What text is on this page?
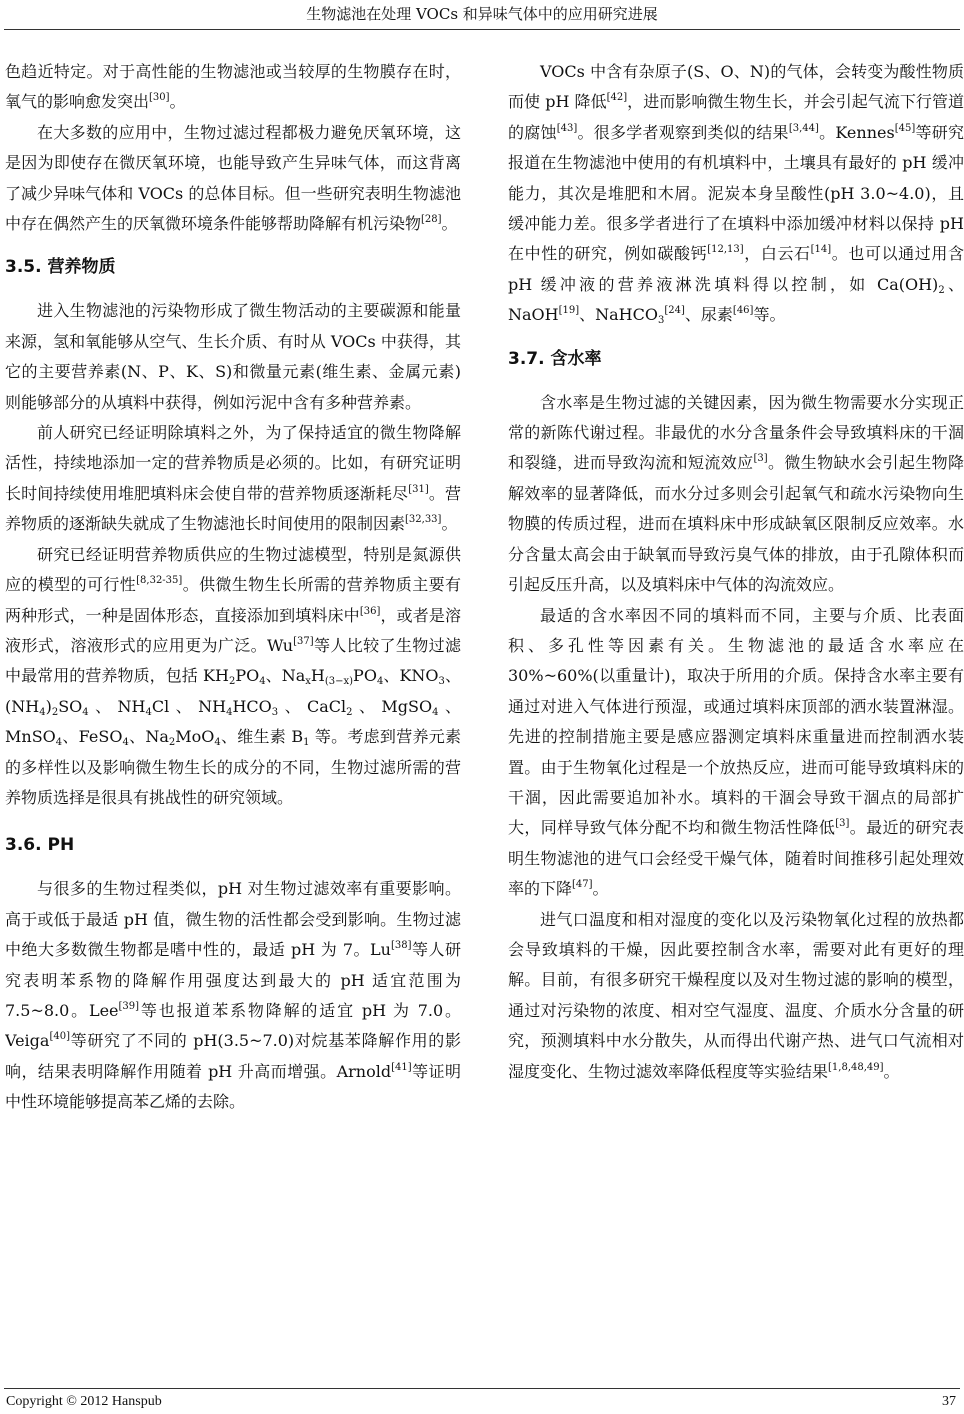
生物滤池在处理 VOCs 和异味气体中的应用研究进展

色趋近特定。对于高性能的生物滤池或当较厚的生物膜存在时，氧气的影响愈发突出[30]。

在大多数的应用中，生物过滤过程都极力避免厌氧环境，这是因为即使存在微厌氧环境，也能导致产生异味气体，而这背离了减少异味气体和 VOCs 的总体目标。但一些研究表明生物滤池中存在偶然产生的厌氧微环境条件能够帮助降解有机污染物[28]。

3.5. 营养物质

进入生物滤池的污染物形成了微生物活动的主要碳源和能量来源，氢和氧能够从空气、生长介质、有时从 VOCs 中获得，其它的主要营养素(N、P、K、S)和微量元素(维生素、金属元素)则能够部分的从填料中获得，例如污泥中含有多种营养素。

前人研究已经证明除填料之外，为了保持适宜的微生物降解活性，持续地添加一定的营养物质是必须的。比如，有研究证明长时间持续使用堆肥填料床会使自带的营养物质逐渐耗尽[31]。营养物质的逐渐缺失就成了生物滤池长时间使用的限制因素[32,33]。

研究已经证明营养物质供应的生物过滤模型，特别是氮源供应的模型的可行性[8,32-35]。供微生物生长所需的营养物质主要有两种形式，一种是固体形态，直接添加到填料床中[36]，或者是溶液形式，溶液形式的应用更为广泛。Wu[37]等人比较了生物过滤中最常用的营养物质，包括 $KH_2PO_4$、$Na_xH_{(3-x)}PO_4$、$KNO_3$、$(NH_4)_2SO_4$、$NH_4Cl$、$NH_4HCO_3$、CaCl$_2$、MgSO$_4$、MnSO$_4$、FeSO$_4$、$Na_2MoO_4$、维生素 $B_1$ 等。考虑到营养元素的多样性以及影响微生物生长的成分的不同，生物过滤所需的营养物质选择是很具有挑战性的研究领域。

3.6. PH

与很多的生物过程类似，pH 对生物过滤效率有重要影响。高于或低于最适 pH 值，微生物的活性都会受到影响。生物过滤中绝大多数微生物都是嗜中性的，最适 pH 为 7。Lu[38]等人研究表明苯系物的降解作用强度达到最大的 pH 适宜范围为 7.5~8.0。Lee[39]等也报道苯系物降解的适宜 pH 为 7.0。Veiga[40]等研究了不同的 pH(3.5~7.0)对烷基苯降解作用的影响，结果表明降解作用随着 pH 升高而增强。Arnold[41]等证明中性环境能够提高苯乙烯的去除。

VOCs 中含有杂原子(S、O、N)的气体，会转变为酸性物质而使 pH 降低[42]，进而影响微生物生长，并会引起气流下行管道的腐蚀[43]。很多学者观察到类似的结果[3,44]。Kennes[45]等研究报道在生物滤池中使用的有机填料中，土壤具有最好的 pH 缓冲能力，其次是堆肥和木屑。泥炭本身呈酸性(pH 3.0~4.0)，且缓冲能力差。很多学者进行了在填料中添加缓冲材料以保持 pH 在中性的研究，例如碳酸钙[12,13]，白云石[14]。也可以通过用含 pH 缓冲液的营养液淋洗填料得以控制，如 $Ca(OH)_2$、NaOH[19]、NaHCO$_3$[24]、尿素[46]等。

3.7. 含水率

含水率是生物过滤的关键因素，因为微生物需要水分实现正常的新陈代谢过程。非最优的水分含量条件会导致填料床的干涸和裂缝，进而导致沟流和短流效应[3]。微生物缺水会引起生物降解效率的显著降低，而水分过多则会引起氧气和疏水污染物向生物膜的传质过程，进而在填料床中形成缺氧区限制反应效率。水分含量太高会由于缺氧而导致污臭气体的排放，由于孔隙体积而引起反压升高，以及填料床中气体的沟流效应。

最适的含水率因不同的填料而不同，主要与介质、比表面积、多孔性等因素有关。生物滤池的最适含水率应在 30%~60%(以重量计)，取决于所用的介质。保持含水率主要有通过对进入气体进行预湿，或通过填料床顶部的洒水装置淋湿。先进的控制措施主要是感应器测定填料床重量进而控制洒水装置。由于生物氧化过程是一个放热反应，进而可能导致填料床的干涸，因此需要追加补水。填料的干涸会导致干涸点的局部扩大，同样导致气体分配不均和微生物活性降低[3]。最近的研究表明生物滤池的进气口会经受干燥气体，随着时间推移引起处理效率的下降[47]。

进气口温度和相对湿度的变化以及污染物氧化过程的放热都会导致填料的干燥，因此要控制含水率，需要对此有更好的理解。目前，有很多研究干燥程度以及对生物过滤的影响的模型，通过对污染物的浓度、相对空气湿度、温度、介质水分含量的研究，预测填料中水分散失，从而得出代谢产热、进气口气流相对湿度变化、生物过滤效率降低程度等实验结果[1,8,48,49]。

Copyright © 2012 Hanspub	37
